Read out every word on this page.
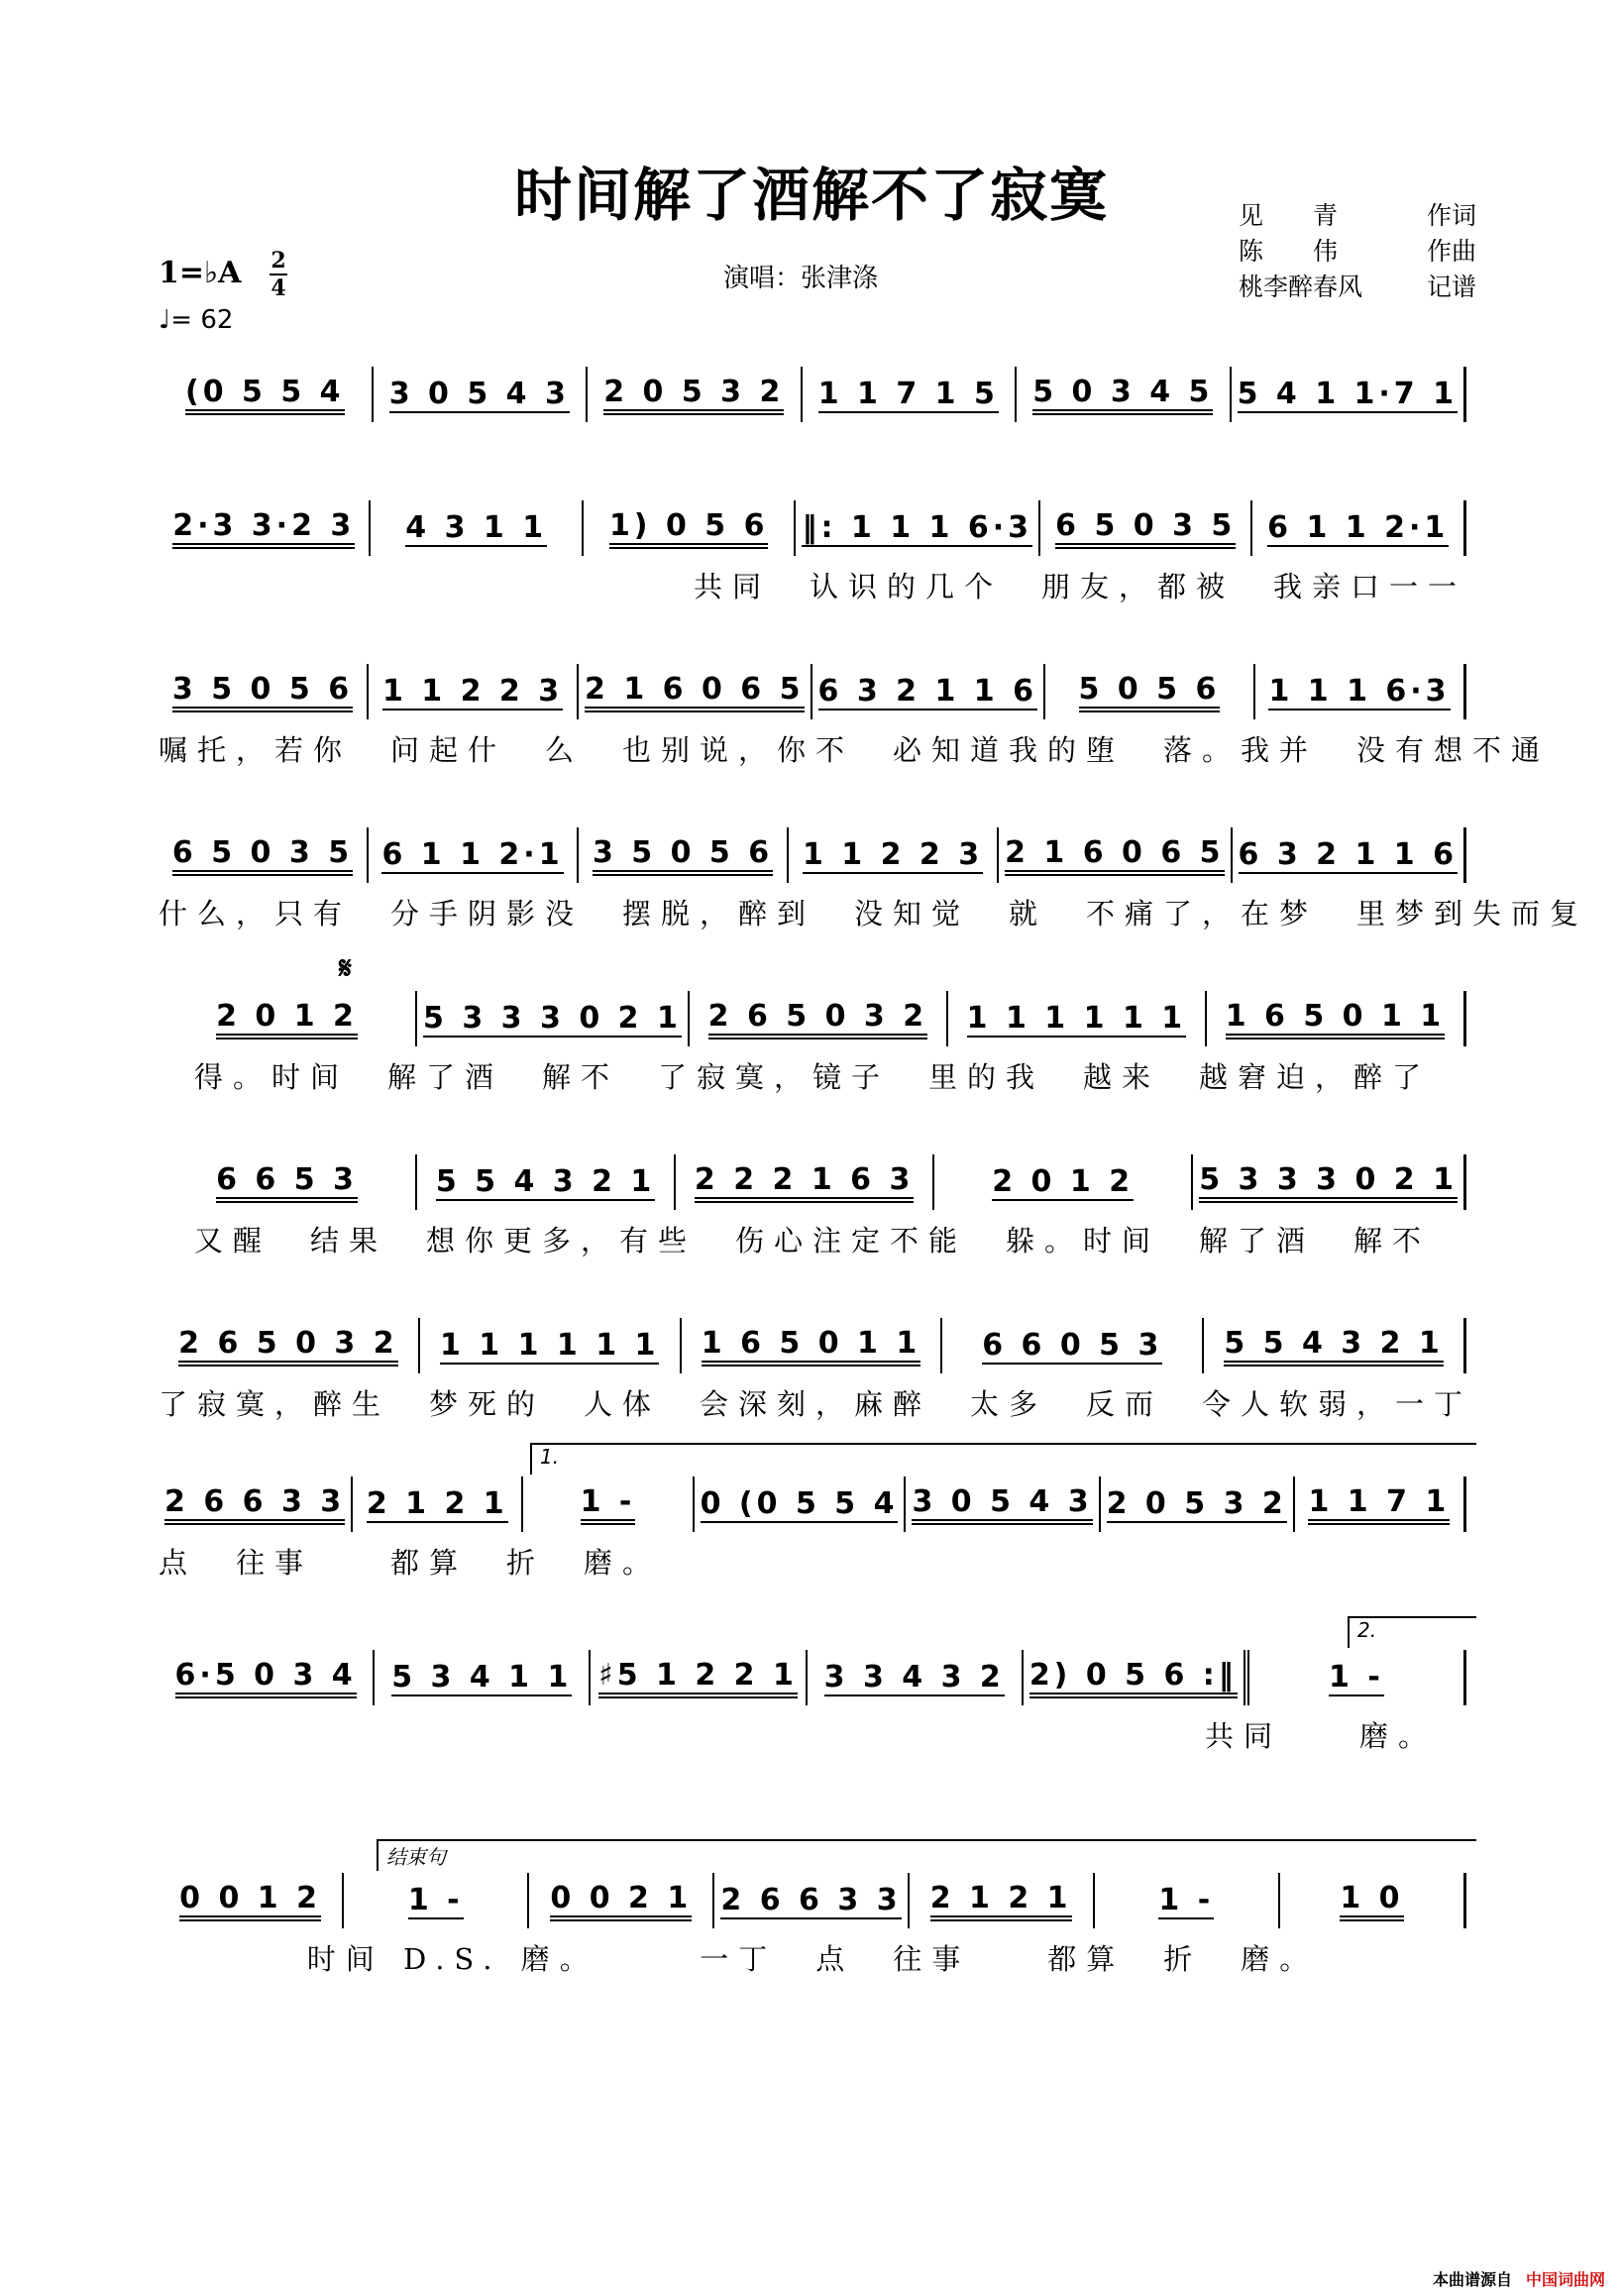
时间解了酒解不了寂寞	见　　青	作词
陈　　伟	作曲
桃李醉春风	记谱
1=♭A 2
4
♩= 62
演唱：张津涤
(0 5 5 4 3 0 5 4 3 2 0 5 3 2 1 1 7 1 5 5 0 3 4 5 5 4 1 1·7 1
2·3 3·2 3 4 3 1 1 1) 0 5 6 ‖: 1 1 1 6·3 6 5 0 3 5 6 1 1 2·1
共同　认识的几个　朋友，都被　我亲口一一
3 5 0 5 6 1 1 2 2 3 2 1 6 0 6 5 6 3 2 1 1 6 5 0 5 6 1 1 1 6·3
嘱托，若你　问起什　么　也别说，你不　必知道我的堕　落。我并　没有想不通
6 5 0 3 5 6 1 1 2·1 3 5 0 5 6 1 1 2 2 3 2 1 6 0 6 5 6 3 2 1 1 6
什么，只有　分手阴影没　摆脱，醉到　没知觉　就　不痛了，在梦　里梦到失而复
𝄋
2 0 1 2 5 3 3 3 0 2 1 2 6 5 0 3 2 1 1 1 1 1 1 1 6 5 0 1 1
得。时间　解了酒　解不　了寂寞，镜子　里的我　越来　越窘迫，醉了
6 6 5 3	5 5 4 3 2 1 2 2 2 1 6 3	2 0 1 2 5 3 3 3 0 2 1
又醒　结果　想你更多，有些　伤心注定不能　躲。时间　解了酒　解不
2 6 5 0 3 2 1 1 1 1 1 1 1 6 5 0 1 1 6 6 0 5 3 5 5 4 3 2 1
了寂寞，醉生　梦死的　人体　会深刻，麻醉　太多　反而　令人软弱，一丁
1.
2 6 6 3 3 2 1 2 1 1 - 0 (0 5 5 4 3 0 5 4 3 2 0 5 3 2 1 1 7 1
点　往事　　都算　折　磨。
2.
6·5 0 3 4 5 3 4 1 1 ♯5 1 2 2 1 3 3 4 3 2 2) 0 5 6 :‖	1 -
共同　　磨。
结束句
0 0 1 2	1 -	0 0 2 1 2 6 6 3 3 2 1 2 1	1 -	1 0
时间 D.S. 磨。　　　一丁　点　往事　　都算　折　磨。
本曲谱源自 中国词曲网
